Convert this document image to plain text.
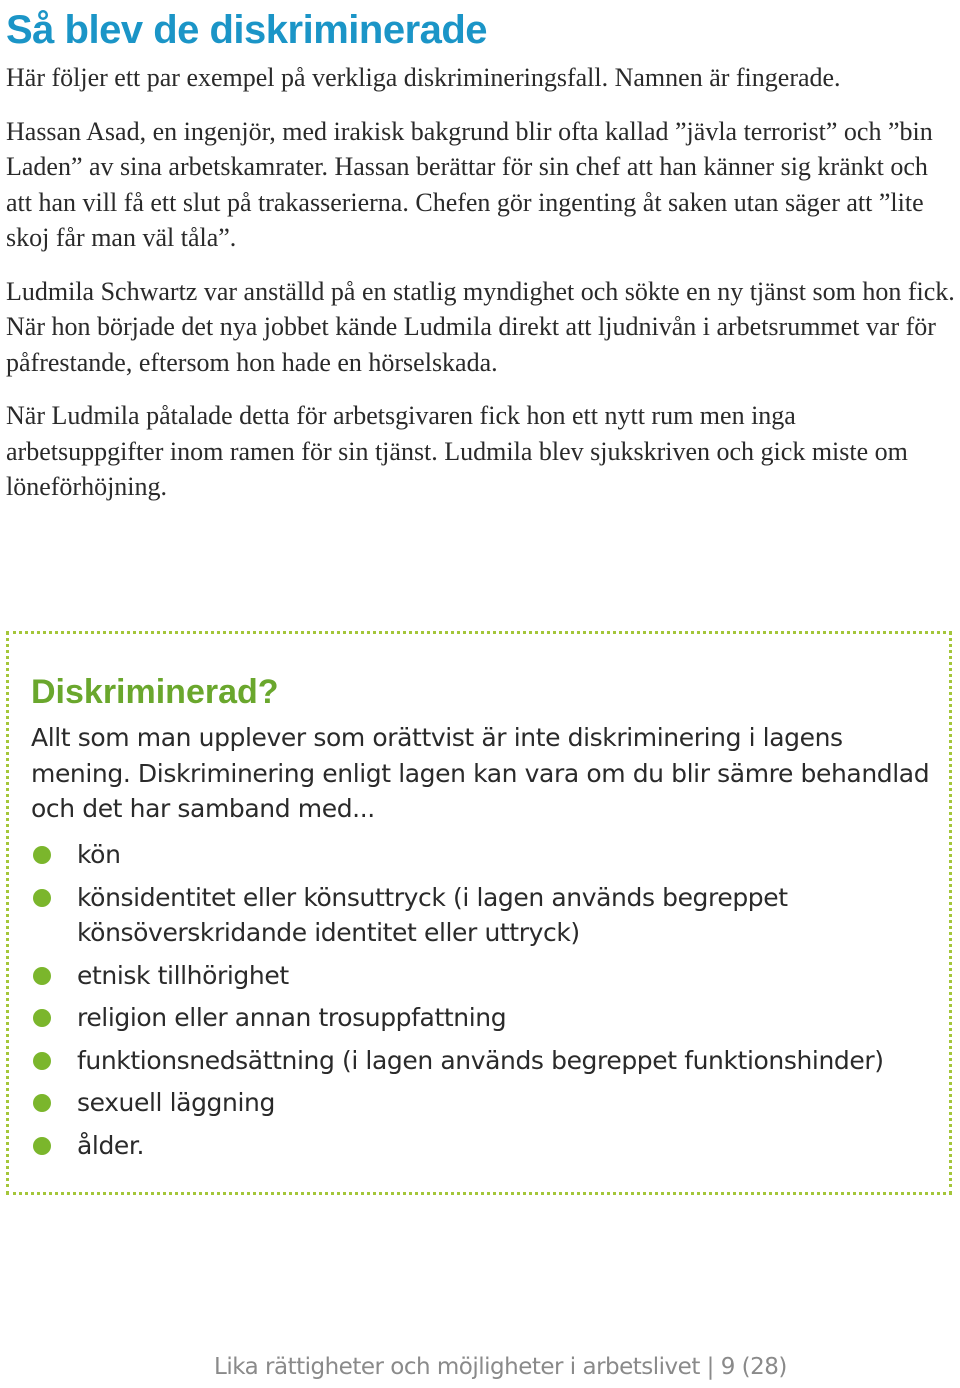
Så blev de diskriminerade

Här följer ett par exempel på verkliga diskrimineringsfall. Namnen är fingerade.

Hassan Asad, en ingenjör, med irakisk bakgrund blir ofta kallad ”jävla terrorist” och ”bin Laden” av sina arbetskamrater. Hassan berättar för sin chef att han känner sig kränkt och att han vill få ett slut på trakasserierna. Chefen gör ingenting åt saken utan säger att ”lite skoj får man väl tåla”.

Ludmila Schwartz var anställd på en statlig myndighet och sökte en ny tjänst som hon fick. När hon började det nya jobbet kände Ludmila direkt att ljudnivån i arbetsrummet var för påfrestande, eftersom hon hade en hörselskada.

När Ludmila påtalade detta för arbetsgivaren fick hon ett nytt rum men inga arbetsuppgifter inom ramen för sin tjänst. Ludmila blev sjukskriven och gick miste om löneförhöjning.

Diskriminerad?

Allt som man upplever som orättvist är inte diskriminering i lagens mening. Diskriminering enligt lagen kan vara om du blir sämre behandlad och det har samband med...

kön
könsidentitet eller könsuttryck (i lagen används begreppet könsöverskridande identitet eller uttryck)
etnisk tillhörighet
religion eller annan trosuppfattning
funktionsnedsättning (i lagen används begreppet funktionshinder)
sexuell läggning
ålder.

Lika rättigheter och möjligheter i arbetslivet | 9 (28)
